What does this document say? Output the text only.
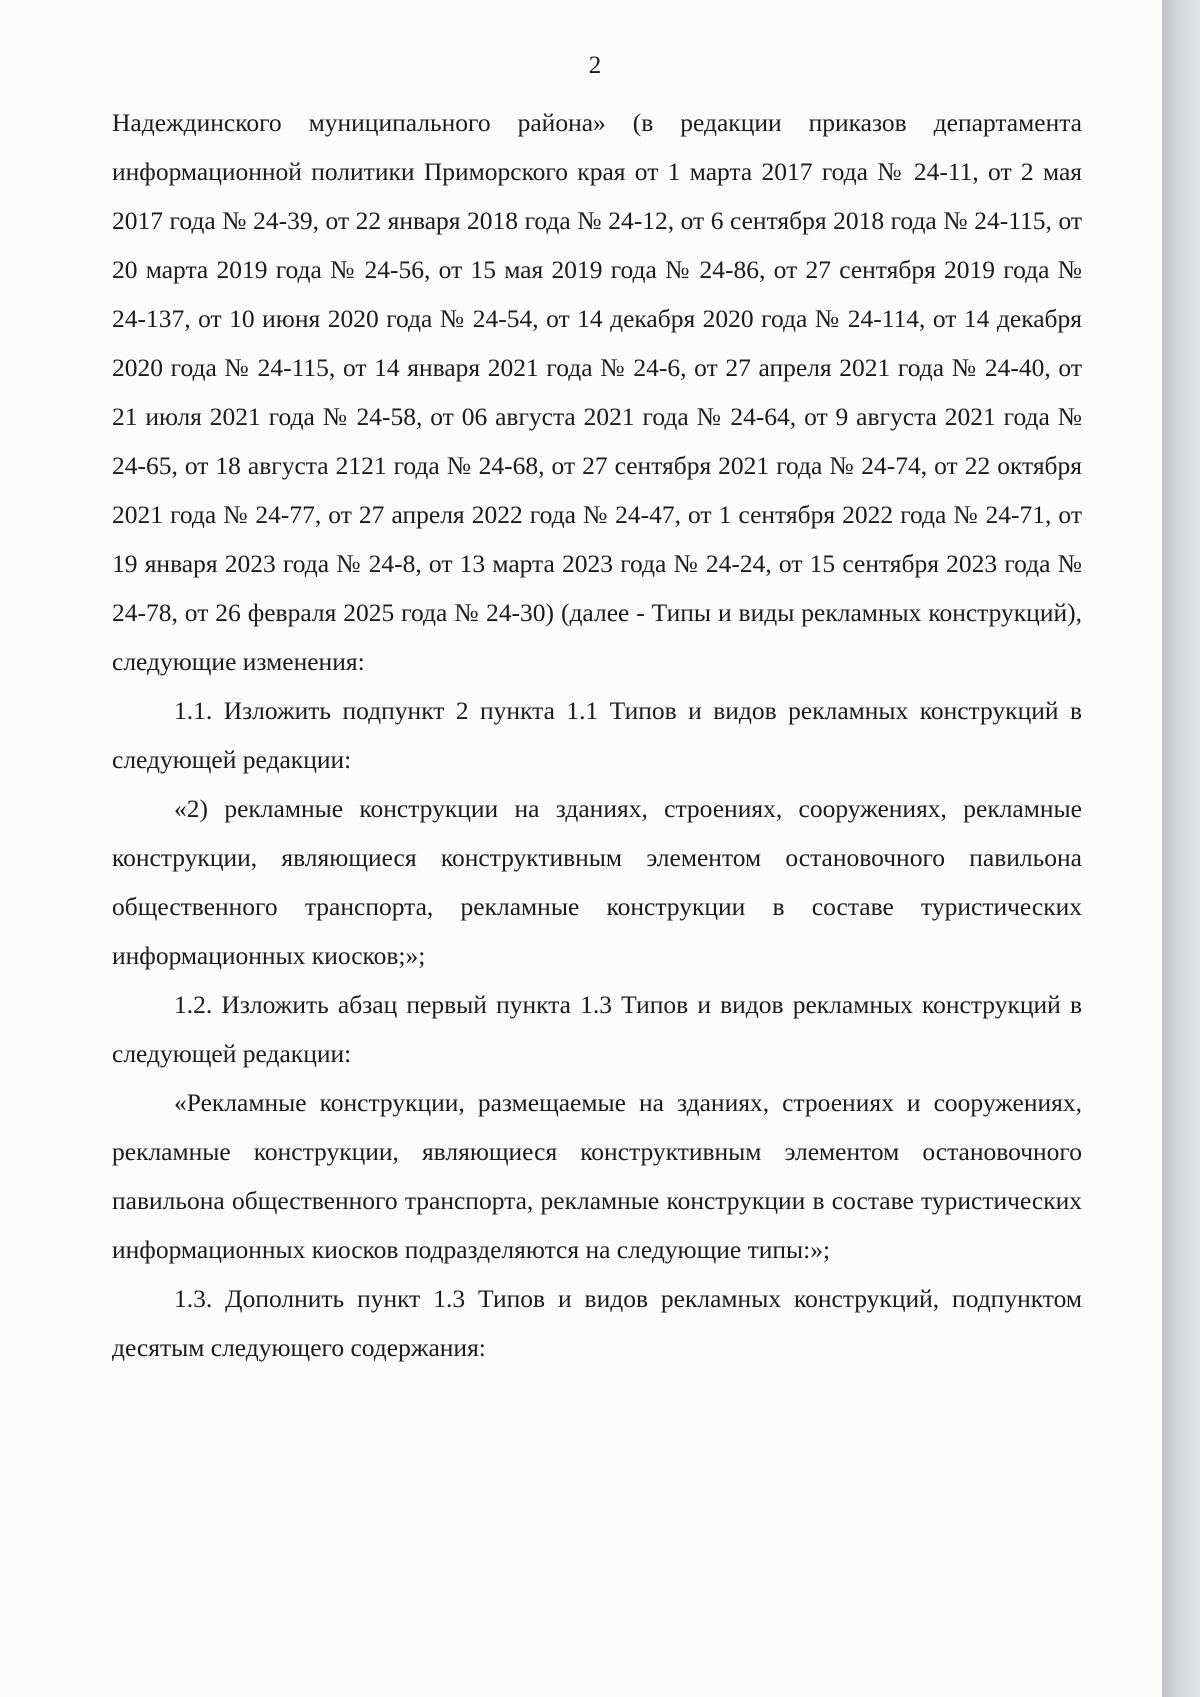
2

Надеждинского муниципального района» (в редакции приказов департамента информационной политики Приморского края от 1 марта 2017 года № 24-11, от 2 мая 2017 года № 24-39, от 22 января 2018 года № 24-12, от 6 сентября 2018 года № 24-115, от 20 марта 2019 года № 24-56, от 15 мая 2019 года № 24-86, от 27 сентября 2019 года № 24-137, от 10 июня 2020 года № 24-54, от 14 декабря 2020 года № 24-114, от 14 декабря 2020 года № 24-115, от 14 января 2021 года № 24-6, от 27 апреля 2021 года № 24-40, от 21 июля 2021 года № 24-58, от 06 августа 2021 года № 24-64, от 9 августа 2021 года № 24-65, от 18 августа 2121 года № 24-68, от 27 сентября 2021 года № 24-74, от 22 октября 2021 года № 24-77, от 27 апреля 2022 года № 24-47, от 1 сентября 2022 года № 24-71, от 19 января 2023 года № 24-8, от 13 марта 2023 года № 24-24, от 15 сентября 2023 года № 24-78, от 26 февраля 2025 года № 24-30) (далее - Типы и виды рекламных конструкций), следующие изменения:

1.1. Изложить подпункт 2 пункта 1.1 Типов и видов рекламных конструкций в следующей редакции:

«2) рекламные конструкции на зданиях, строениях, сооружениях, рекламные конструкции, являющиеся конструктивным элементом остановочного павильона общественного транспорта, рекламные конструкции в составе туристических информационных киосков;»;

1.2. Изложить абзац первый пункта 1.3 Типов и видов рекламных конструкций в следующей редакции:

«Рекламные конструкции, размещаемые на зданиях, строениях и сооружениях, рекламные конструкции, являющиеся конструктивным элементом остановочного павильона общественного транспорта, рекламные конструкции в составе туристических информационных киосков подразделяются на следующие типы:»;

1.3. Дополнить пункт 1.3 Типов и видов рекламных конструкций, подпунктом десятым следующего содержания:
